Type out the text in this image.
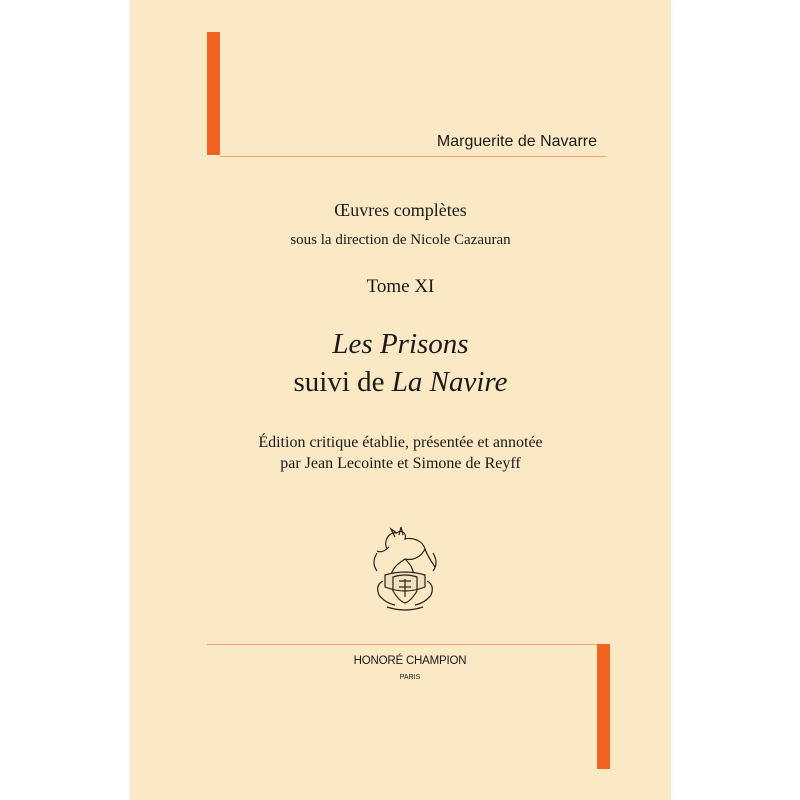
Marguerite de Navarre
Œuvres complètes
sous la direction de Nicole Cazauran
Tome XI
Les Prisons
suivi de La Navire
Édition critique établie, présentée et annotée
par Jean Lecointe et Simone de Reyff
HONORÉ CHAMPION
PARIS
